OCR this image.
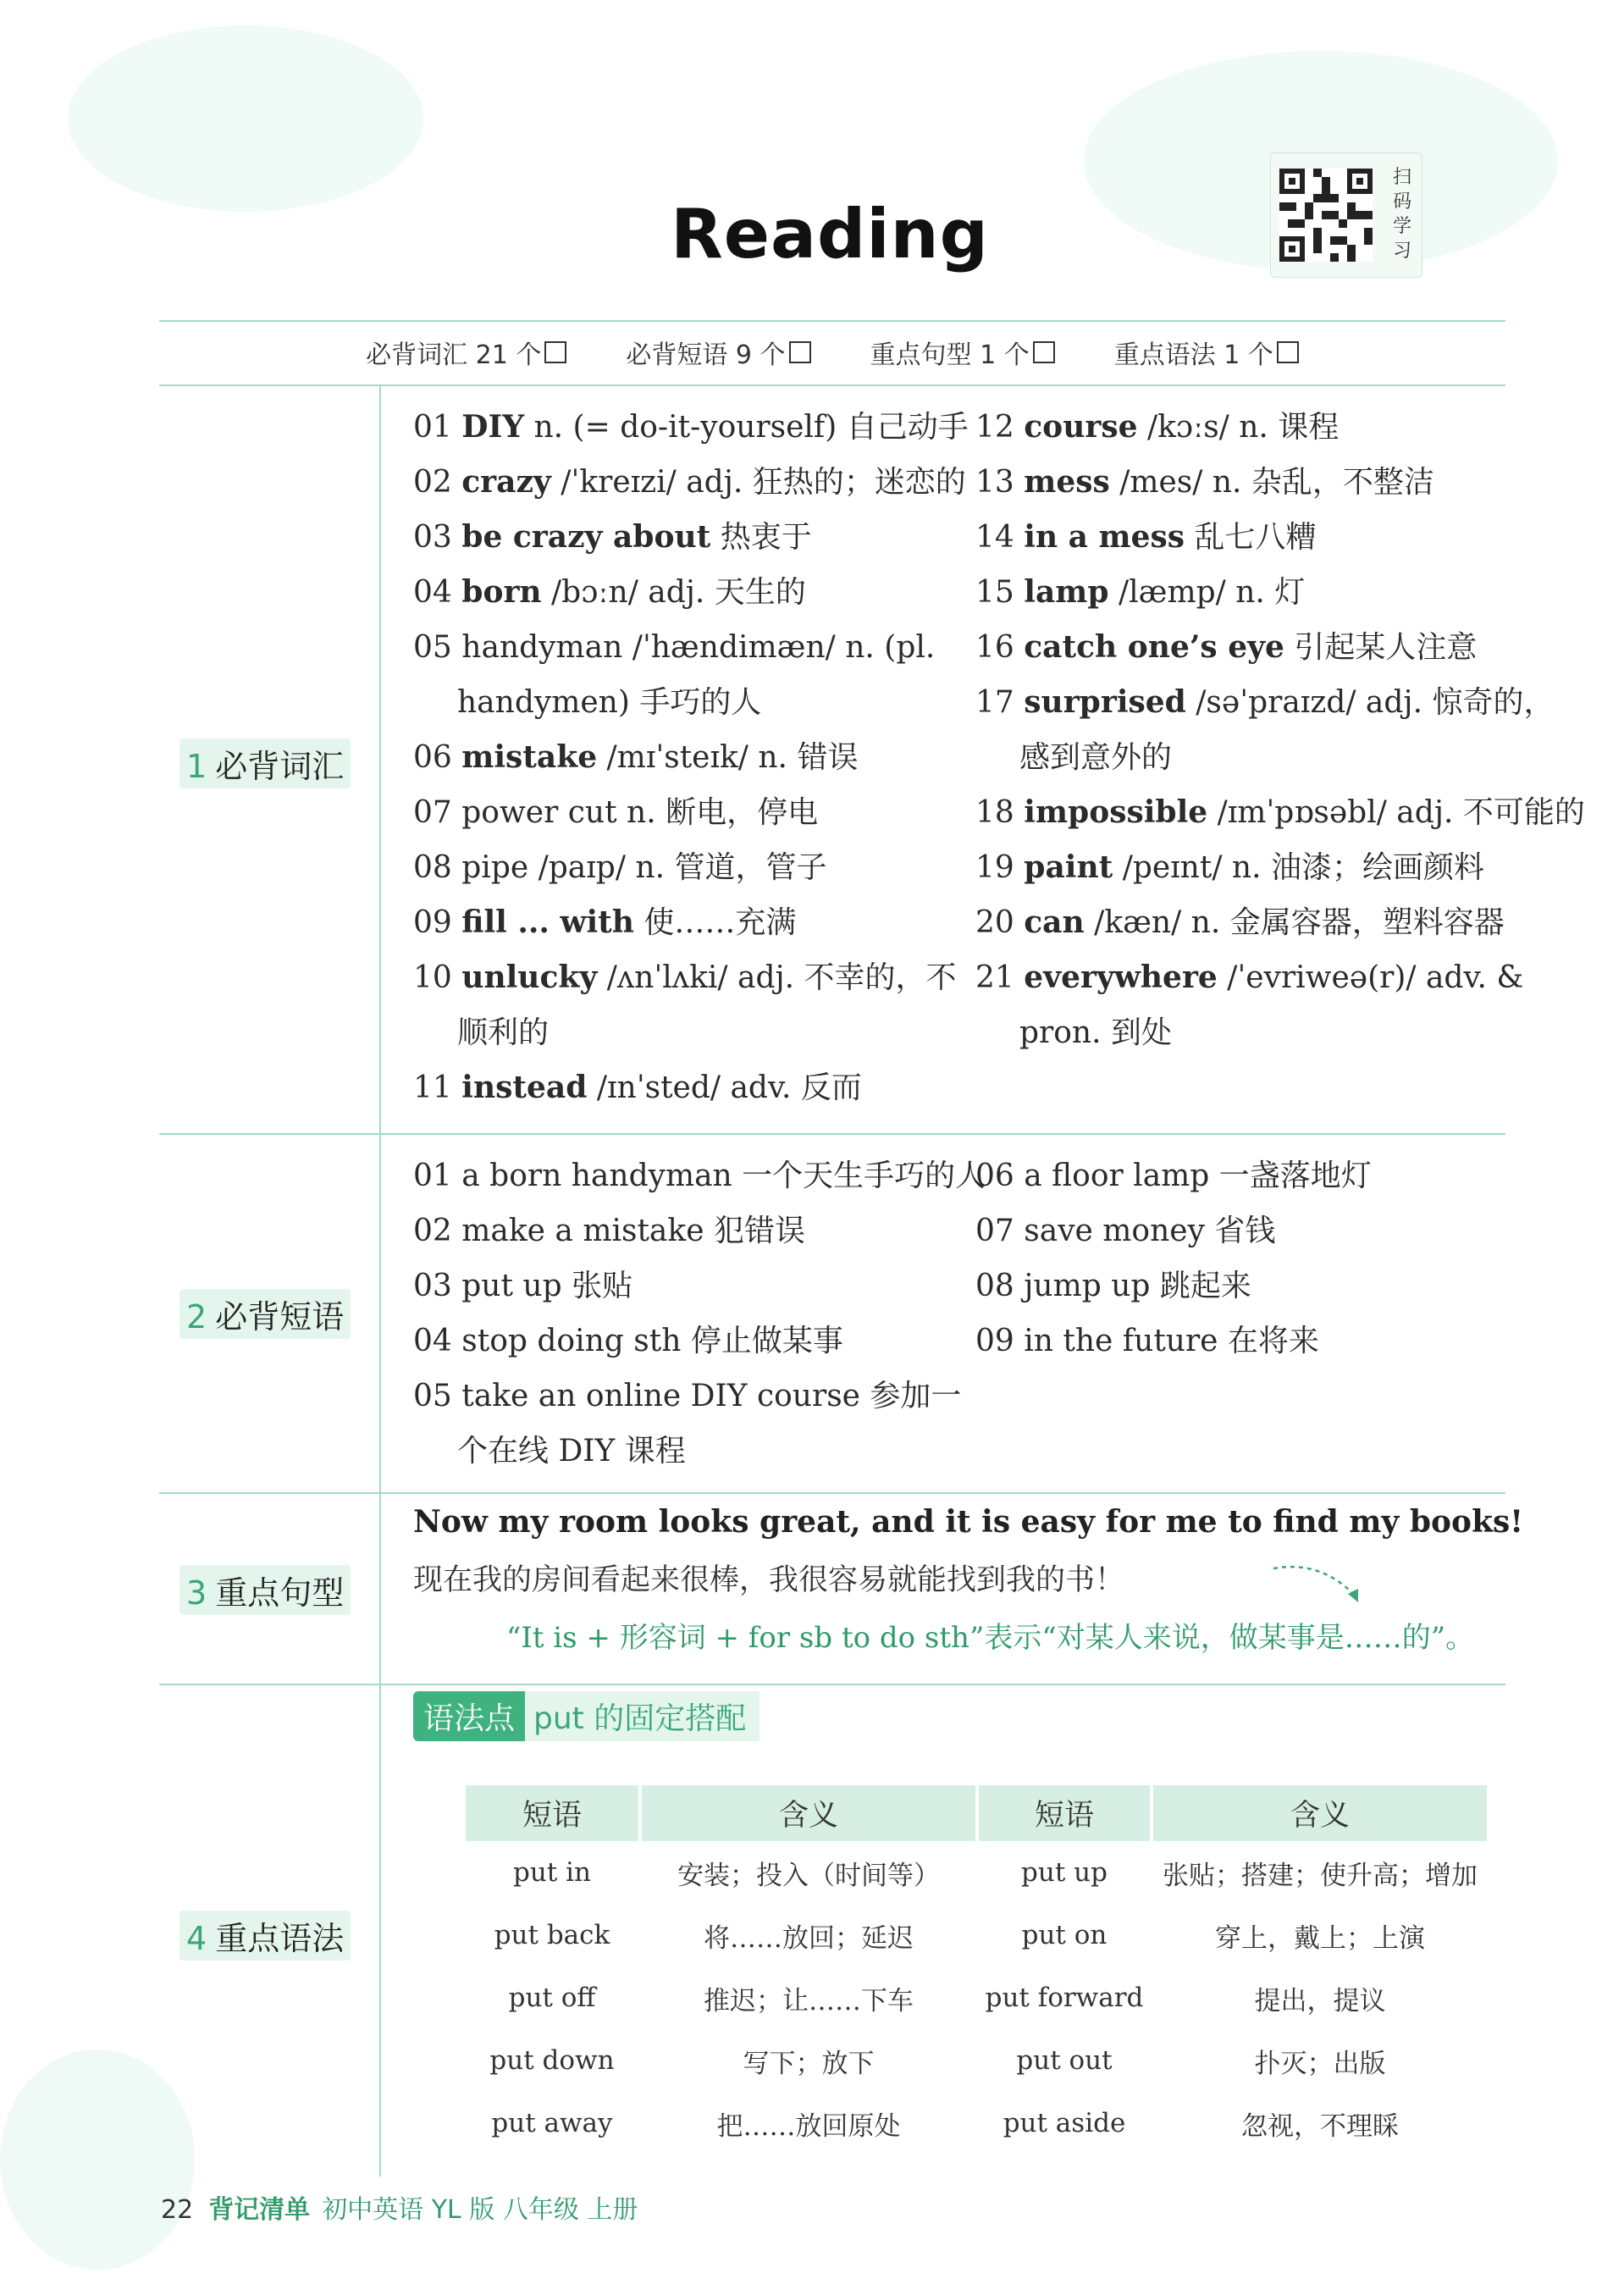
Reading
扫
码
学
习
必背词汇
21 个	必背短语
9 个	重点句型
1 个	重点语法
1 个
1 必背词汇
2 必背短语
3 重点句型
4 重点语法
01 DIY n. (= do-it-yourself) 自己动手
02 crazy /ˈkreɪzi/ adj. 狂热的；迷恋的
03 be crazy about 热衷于
04 born /bɔːn/ adj. 天生的
05 handyman /ˈhændimæn/ n. (pl.
handymen) 手巧的人
06 mistake /mɪˈsteɪk/ n. 错误
07 power cut n. 断电，停电
08 pipe /paɪp/ n. 管道，管子
09 fill ... with 使……充满
10 unlucky /ʌnˈlʌki/ adj. 不幸的，不
顺利的
11 instead /ɪnˈsted/ adv. 反而
12 course /kɔːs/ n. 课程
13 mess /mes/ n. 杂乱，不整洁
14 in a mess 乱七八糟
15 lamp /læmp/ n. 灯
16 catch one’s eye 引起某人注意
17 surprised /səˈpraɪzd/ adj. 惊奇的，
感到意外的
18 impossible /ɪmˈpɒsəbl/ adj. 不可能的
19 paint /peɪnt/ n. 油漆；绘画颜料
20 can /kæn/ n. 金属容器，塑料容器
21 everywhere /ˈevriweə(r)/ adv. &
pron. 到处
01 a born handyman 一个天生手巧的人
02 make a mistake 犯错误
03 put up 张贴
04 stop doing sth 停止做某事
05 take an online DIY course 参加一
个在线 DIY 课程
06 a floor lamp 一盏落地灯
07 save money 省钱
08 jump up 跳起来
09 in the future 在将来
Now my room looks great, and it is easy for me to find my books!
现在我的房间看起来很棒，我很容易就能找到我的书！
“It is + 形容词 + for sb to do sth”表示“对某人来说，做某事是……的”。
语法点 put 的固定搭配
短语	含义	短语	含义
put in	安装；投入（时间等）	put up	张贴；搭建；使升高；增加
put back	将……放回；延迟	put on	穿上，戴上；上演
put off	推迟；让……下车	put forward	提出，提议
put down	写下；放下	put out	扑灭；出版
put away	把……放回原处	put aside	忽视，不理睬
22 背记清单 初中英语 YL 版 八年级 上册
